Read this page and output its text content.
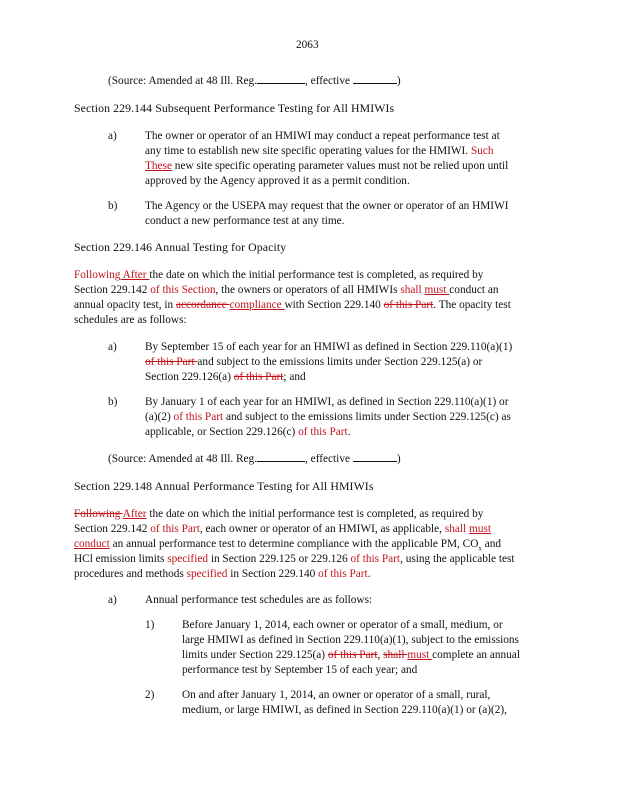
2063
(Source: Amended at 48 Ill. Reg.	, effective	)
Section 229.144 Subsequent Performance Testing for All HMIWIs
a) The owner or operator of an HMIWI may conduct a repeat performance test at
any time to establish new site specific operating values for the HMIWI. Such
These new site specific operating parameter values must not be relied upon until
approved by the Agency approved it as a permit condition.
b) The Agency or the USEPA may request that the owner or operator of an HMIWI
conduct a new performance test at any time.
Section 229.146 Annual Testing for Opacity
Following After the date on which the initial performance test is completed, as required by
Section 229.142 of this Section, the owners or operators of all HMIWIs shall must conduct an
annual opacity test, in accordance compliance with Section 229.140 of this Part. The opacity test
schedules are as follows:
a) By September 15 of each year for an HMIWI as defined in Section 229.110(a)(1)
of this Part and subject to the emissions limits under Section 229.125(a) or
Section 229.126(a) of this Part; and
b) By January 1 of each year for an HMIWI, as defined in Section 229.110(a)(1) or
(a)(2) of this Part and subject to the emissions limits under Section 229.125(c) as
applicable, or Section 229.126(c) of this Part.
(Source: Amended at 48 Ill. Reg.	, effective	)
Section 229.148 Annual Performance Testing for All HMIWIs
Following After the date on which the initial performance test is completed, as required by
Section 229.142 of this Part, each owner or operator of an HMIWI, as applicable, shall must
conduct an annual performance test to determine compliance with the applicable PM, $CO_x$ and
HCl emission limits specified in Section 229.125 or 229.126 of this Part, using the applicable test
procedures and methods specified in Section 229.140 of this Part.
a) Annual performance test schedules are as follows:
1) Before January 1, 2014, each owner or operator of a small, medium, or
large HMIWI as defined in Section 229.110(a)(1), subject to the emissions
limits under Section 229.125(a) of this Part, shall must complete an annual
performance test by September 15 of each year; and
2) On and after January 1, 2014, an owner or operator of a small, rural,
medium, or large HMIWI, as defined in Section 229.110(a)(1) or (a)(2),
